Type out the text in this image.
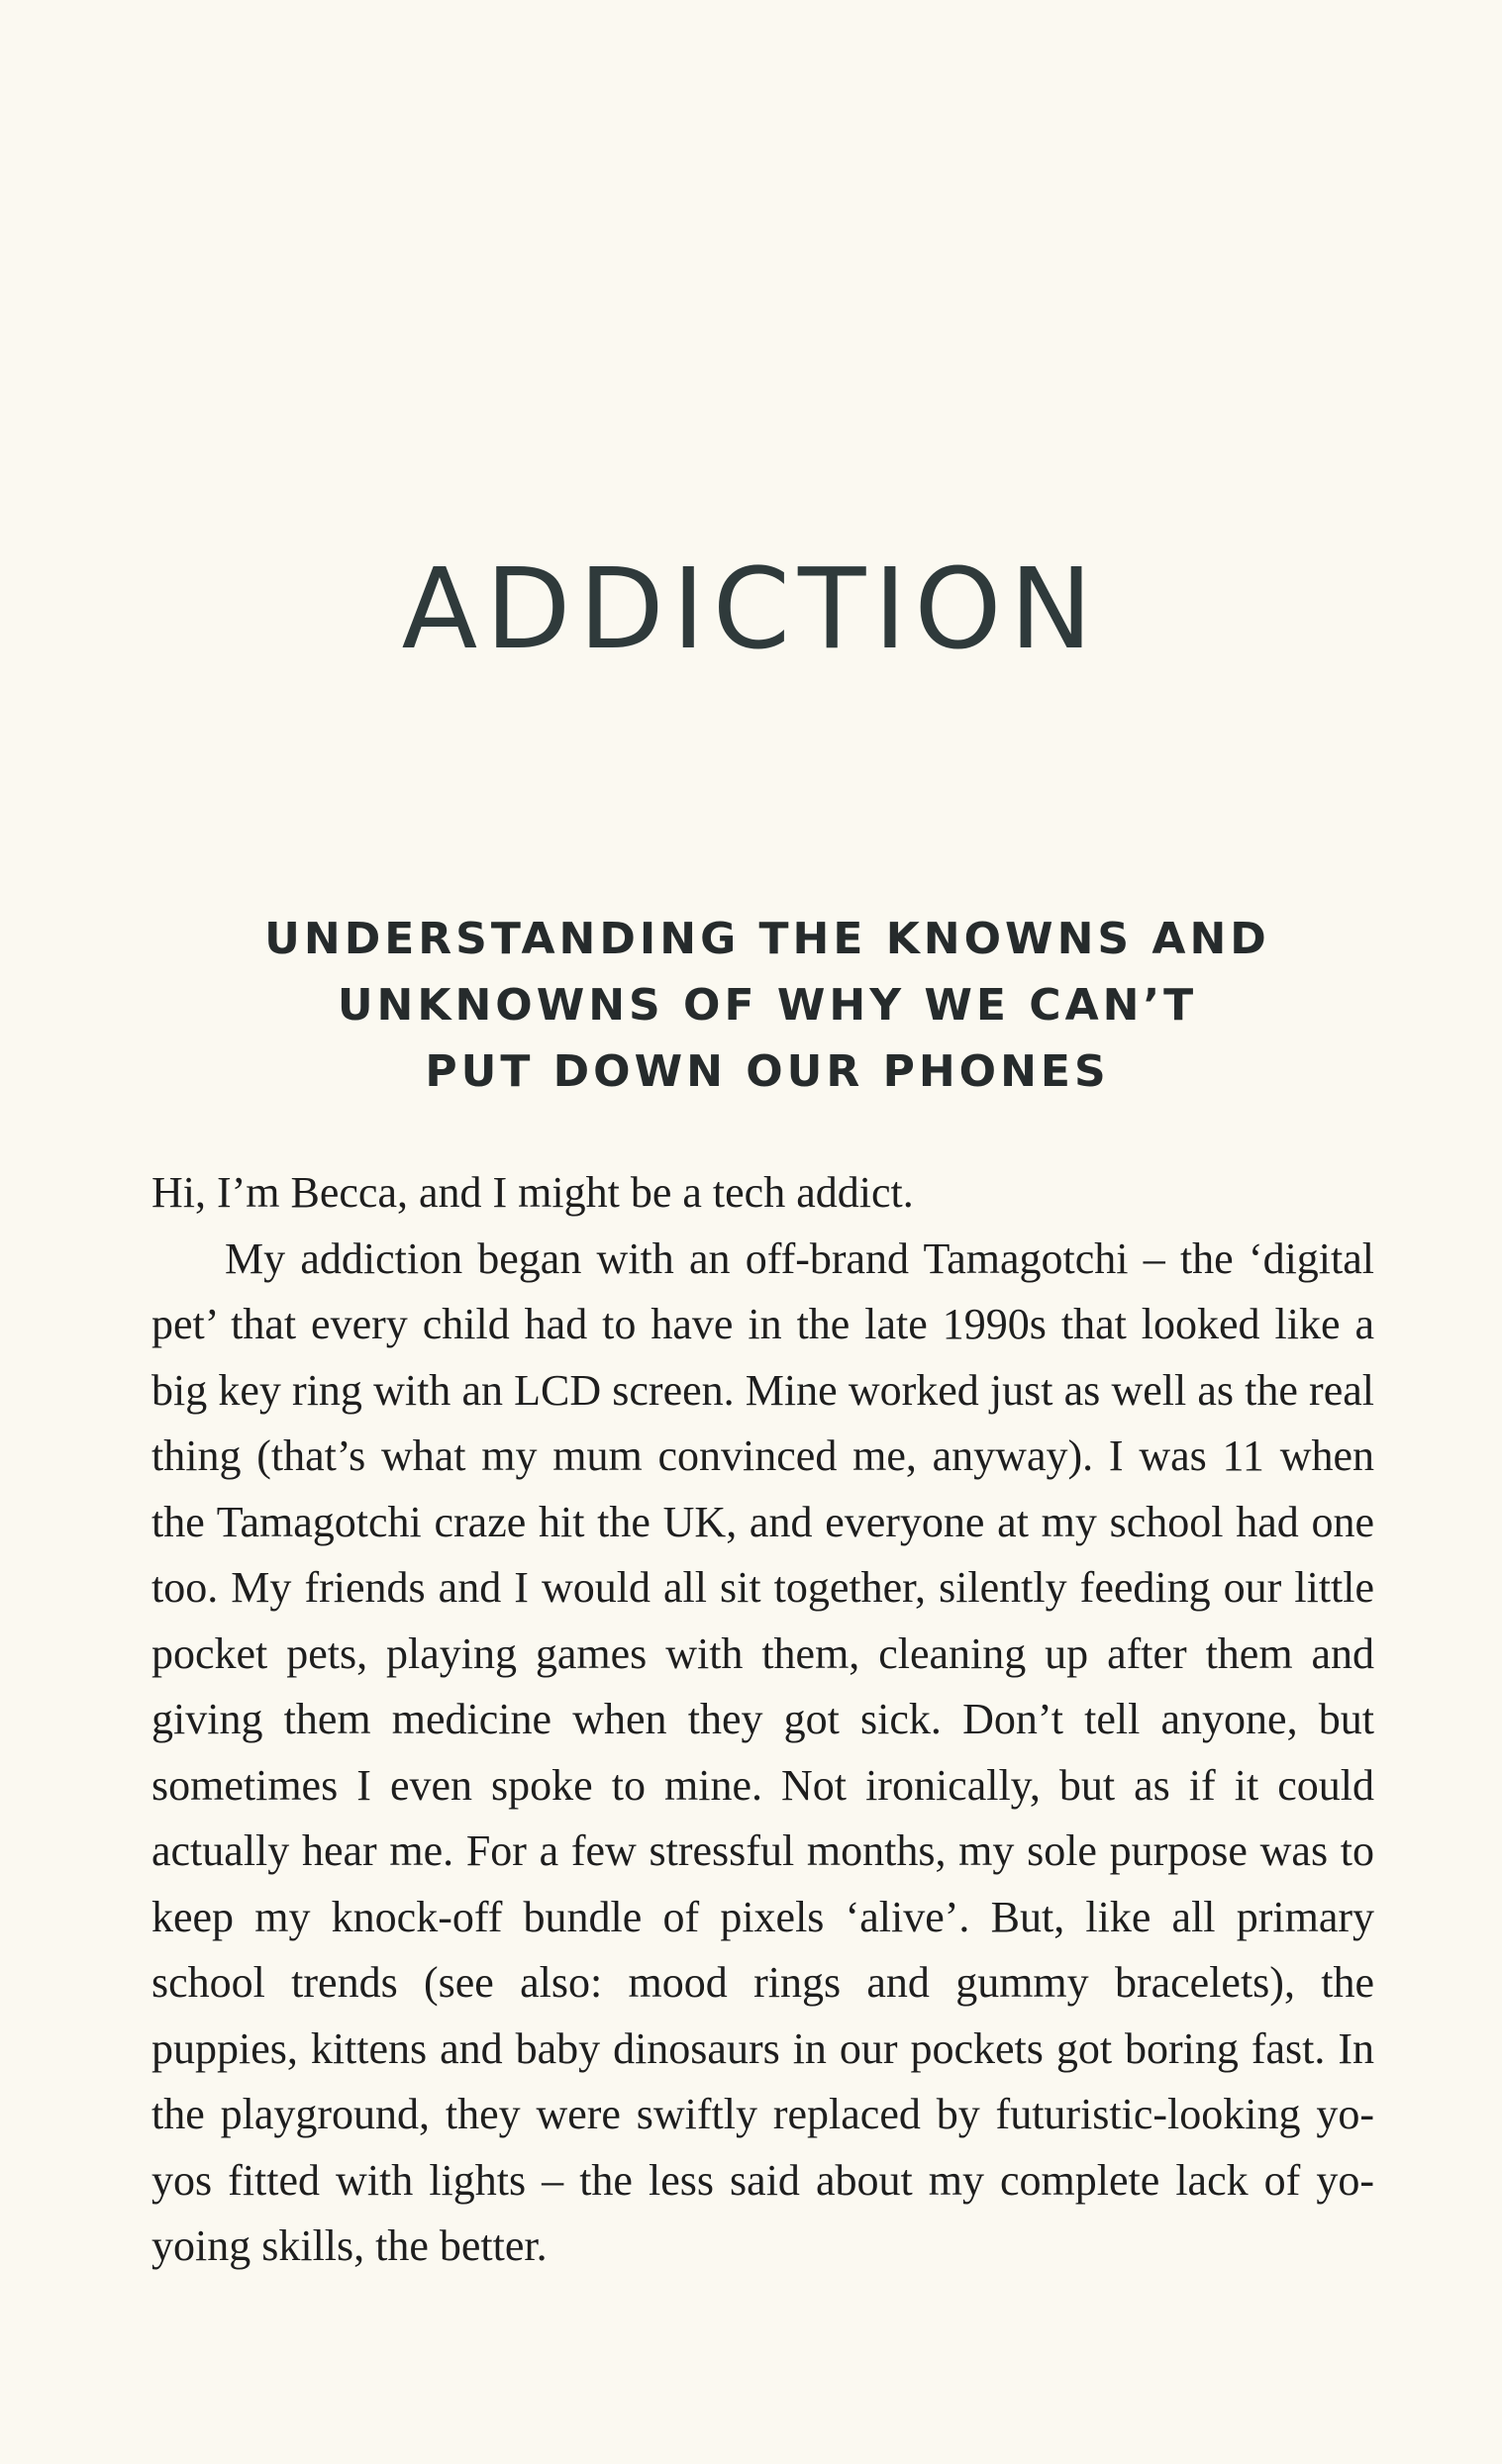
ADDICTION
UNDERSTANDING THE KNOWNS AND
UNKNOWNS OF WHY WE CAN’T
PUT DOWN OUR PHONES

Hi, I’m Becca, and I might be a tech addict.

My addiction began with an off-brand Tamagotchi – the ‘digital pet’ that every child had to have in the late 1990s that looked like a big key ring with an LCD screen. Mine worked just as well as the real thing (that’s what my mum convinced me, anyway). I was 11 when the Tamagotchi craze hit the UK, and everyone at my school had one too. My friends and I would all sit together, silently feeding our little pocket pets, playing games with them, cleaning up after them and giving them medicine when they got sick. Don’t tell anyone, but sometimes I even spoke to mine. Not ironically, but as if it could actually hear me. For a few stressful months, my sole purpose was to keep my knock-off bundle of pixels ‘alive’. But, like all primary school trends (see also: mood rings and gummy bracelets), the puppies, kittens and baby dinosaurs in our pockets got boring fast. In the playground, they were swiftly replaced by futuristic-looking yo-yos fitted with lights – the less said about my complete lack of yo-yoing skills, the better.
